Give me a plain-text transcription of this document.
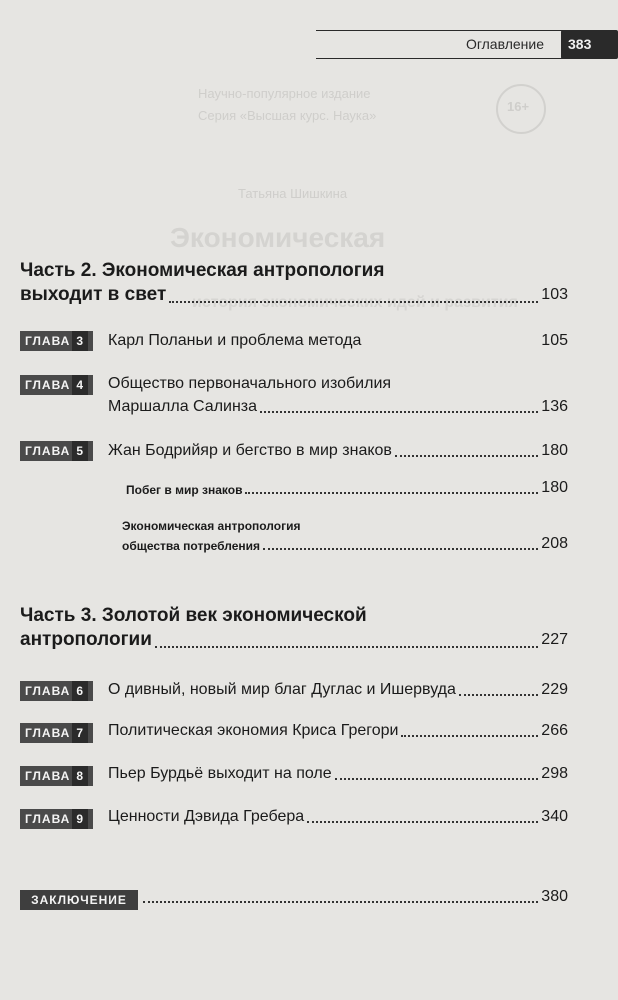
Оглавление 383
Научно-популярное издание
Серия «Высшая курс. Наука»
16+
Татьяна Шишкина
Экономическая
история экономических идей и развития
Часть 2. Экономическая антропология
выходит в свет	103
ГЛАВА 3	Карл Поланьи и проблема метода	105
ГЛАВА 4	Общество первоначального изобилия
Маршалла Салинза	136
ГЛАВА 5	Жан Бодрийяр и бегство в мир знаков	180
Побег в мир знаков	180
Экономическая антропология
общества потребления	208
Часть 3. Золотой век экономической
антропологии	227
ГЛАВА 6	О дивный, новый мир благ Дуглас и Ишервуда	229
ГЛАВА 7	Политическая экономия Криса Грегори	266
ГЛАВА 8	Пьер Бурдьё выходит на поле	298
ГЛАВА 9	Ценности Дэвида Гребера	340
ЗАКЛЮЧЕНИЕ	380
